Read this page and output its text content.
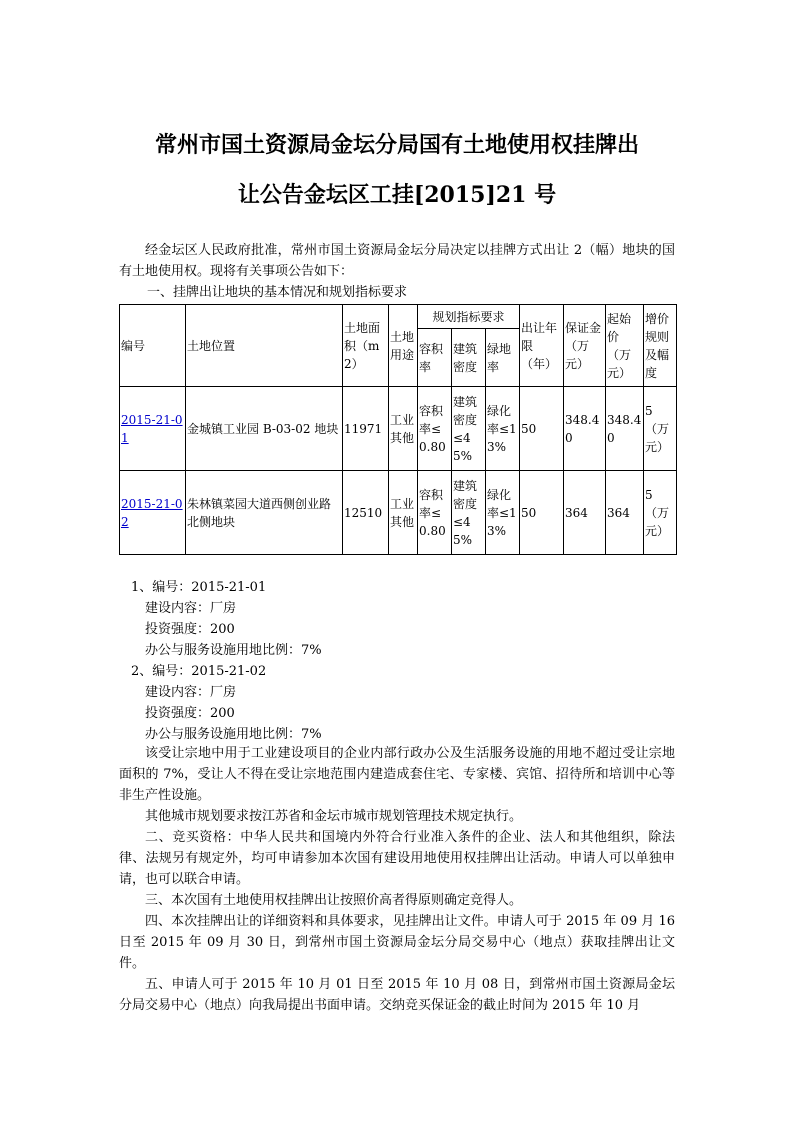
常州市国土资源局金坛分局国有土地使用权挂牌出
让公告金坛区工挂[2015]21 号

经金坛区人民政府批准，常州市国土资源局金坛分局决定以挂牌方式出让 2（幅）地块的国有土地使用权。现将有关事项公告如下：

一、挂牌出让地块的基本情况和规划指标要求

编号	土地位置	土地面积（m2）	土地用途	规划指标要求			出让年限（年）	保证金（万元）	起始价（万元）	增价规则及幅度
				容积率	建筑密度	绿地率				
2015-21-01	金城镇工业园 B-03-02 地块	11971	工业其他	容积率≤0.80	建筑密度≤45%	绿化率≤13%	50	348.40	348.40	5（万元）
2015-21-02	朱林镇菜园大道西侧创业路北侧地块	12510	工业其他	容积率≤0.80	建筑密度≤45%	绿化率≤13%	50	364	364	5（万元）

1、编号：2015-21-01

建设内容：厂房

投资强度：200

办公与服务设施用地比例：7%

2、编号：2015-21-02

建设内容：厂房

投资强度：200

办公与服务设施用地比例：7%

该受让宗地中用于工业建设项目的企业内部行政办公及生活服务设施的用地不超过受让宗地面积的 7%，受让人不得在受让宗地范围内建造成套住宅、专家楼、宾馆、招待所和培训中心等非生产性设施。

其他城市规划要求按江苏省和金坛市城市规划管理技术规定执行。

二、竞买资格：中华人民共和国境内外符合行业准入条件的企业、法人和其他组织，除法律、法规另有规定外，均可申请参加本次国有建设用地使用权挂牌出让活动。申请人可以单独申请，也可以联合申请。

三、本次国有土地使用权挂牌出让按照价高者得原则确定竞得人。

四、本次挂牌出让的详细资料和具体要求，见挂牌出让文件。申请人可于 2015 年 09 月 16 日至 2015 年 09 月 30 日，到常州市国土资源局金坛分局交易中心（地点）获取挂牌出让文件。

五、申请人可于 2015 年 10 月 01 日至 2015 年 10 月 08 日，到常州市国土资源局金坛分局交易中心（地点）向我局提出书面申请。交纳竞买保证金的截止时间为 2015 年 10 月
